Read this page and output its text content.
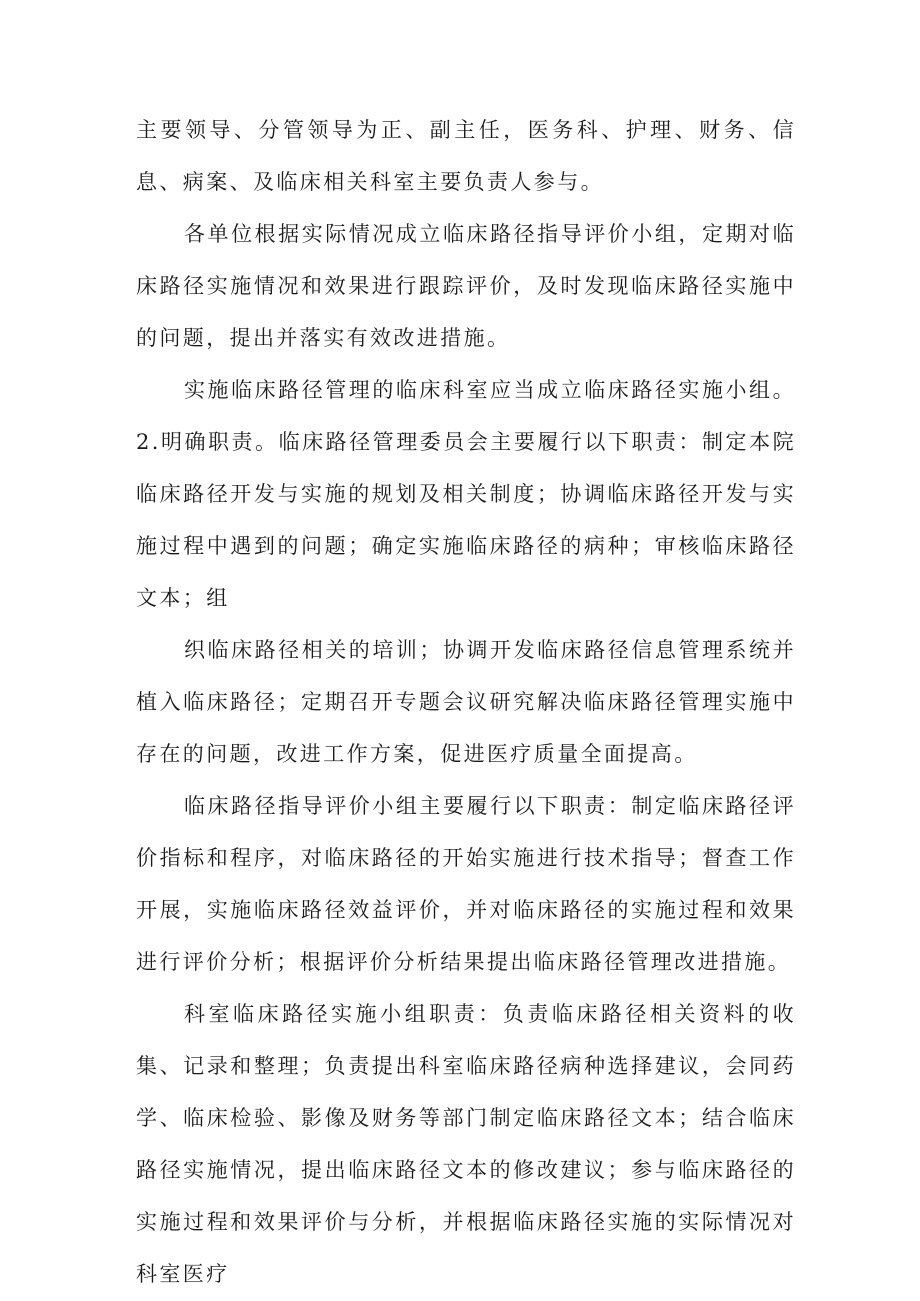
主要领导、分管领导为正、副主任，医务科、护理、财务、信息、病案、及临床相关科室主要负责人参与。

各单位根据实际情况成立临床路径指导评价小组，定期对临床路径实施情况和效果进行跟踪评价，及时发现临床路径实施中的问题，提出并落实有效改进措施。

实施临床路径管理的临床科室应当成立临床路径实施小组。2.明确职责。临床路径管理委员会主要履行以下职责：制定本院临床路径开发与实施的规划及相关制度；协调临床路径开发与实施过程中遇到的问题；确定实施临床路径的病种；审核临床路径文本；组

织临床路径相关的培训；协调开发临床路径信息管理系统并植入临床路径；定期召开专题会议研究解决临床路径管理实施中存在的问题，改进工作方案，促进医疗质量全面提高。

临床路径指导评价小组主要履行以下职责：制定临床路径评价指标和程序，对临床路径的开始实施进行技术指导；督查工作开展，实施临床路径效益评价，并对临床路径的实施过程和效果进行评价分析；根据评价分析结果提出临床路径管理改进措施。

科室临床路径实施小组职责：负责临床路径相关资料的收集、记录和整理；负责提出科室临床路径病种选择建议，会同药学、临床检验、影像及财务等部门制定临床路径文本；结合临床路径实施情况，提出临床路径文本的修改建议；参与临床路径的实施过程和效果评价与分析，并根据临床路径实施的实际情况对科室医疗
